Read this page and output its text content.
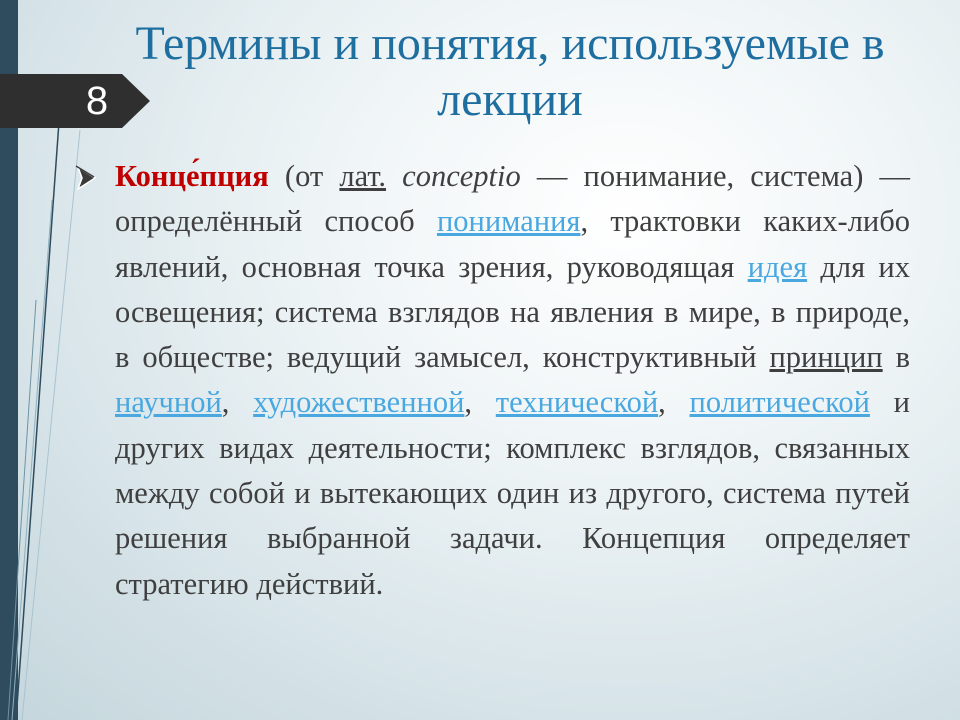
8
Термины и понятия, используемые в лекции
Конце́пция (от лат. conceptio — понимание, система) — определённый способ понимания, трактовки каких-либо явлений, основная точка зрения, руководящая идея для их освещения; система взглядов на явления в мире, в природе, в обществе; ведущий замысел, конструктивный принцип в научной, художественной, технической, политической и других видах деятельности; комплекс взглядов, связанных между собой и вытекающих один из другого, система путей решения выбранной задачи. Концепция определяет стратегию действий.
